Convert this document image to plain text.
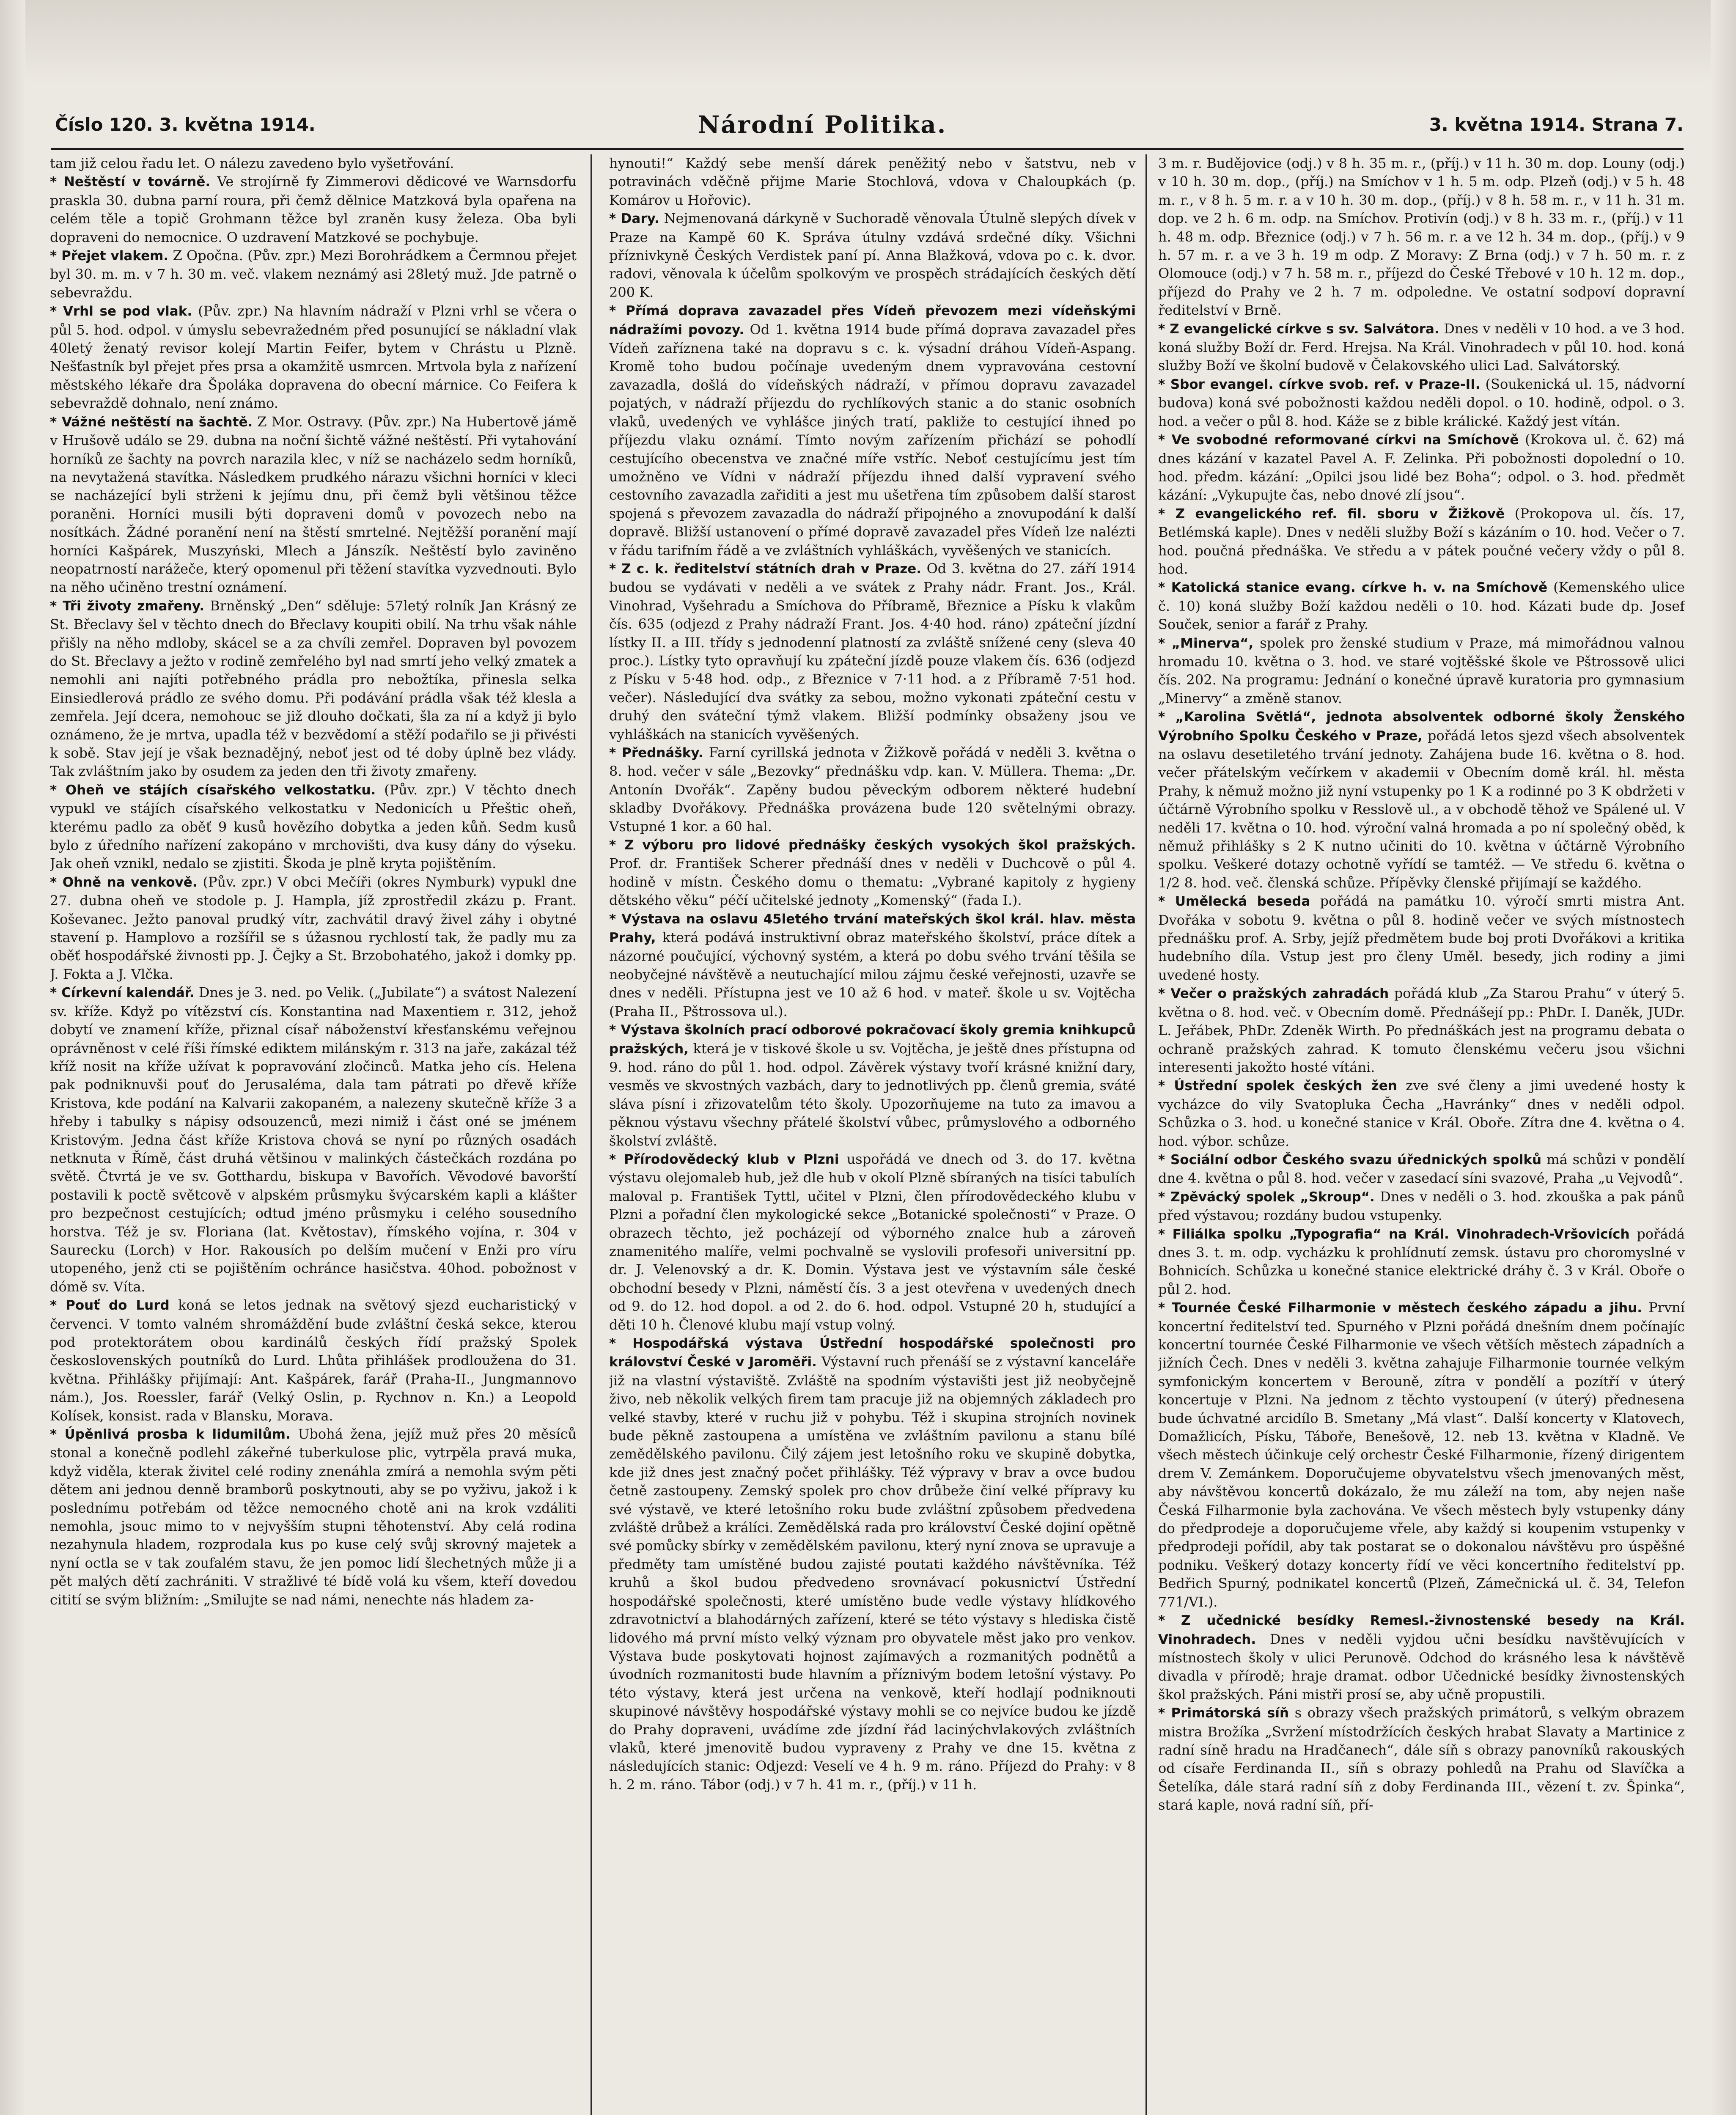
Číslo 120. 3. května 1914.	Národní Politika.	3. května 1914. Strana 7.

tam již celou řadu let. O nálezu zavedeno bylo vyšetřování.

* Neštěstí v továrně. Ve strojírně fy Zimmerovi dědicové ve Warnsdorfu praskla 30. dubna parní roura, při čemž dělnice Matzková byla opařena na celém těle a topič Grohmann těžce byl zraněn kusy železa. Oba byli dopraveni do nemocnice. O uzdravení Matzkové se pochybuje.

* Přejet vlakem. Z Opočna. (Pův. zpr.) Mezi Borohrádkem a Čermnou přejet byl 30. m. m. v 7 h. 30 m. več. vlakem neznámý asi 28letý muž. Jde patrně o sebevraždu.

* Vrhl se pod vlak. (Pův. zpr.) Na hlavním nádraží v Plzni vrhl se včera o půl 5. hod. odpol. v úmyslu sebevražedném před posunující se nákladní vlak 40letý ženatý revisor kolejí Martin Feifer, bytem v Chrástu u Plzně. Nešťastník byl přejet přes prsa a okamžitě usmrcen. Mrtvola byla z nařízení městského lékaře dra Špoláka dopravena do obecní márnice. Co Feifera k sebevraždě dohnalo, není známo.

* Vážné neštěstí na šachtě. Z Mor. Ostravy. (Pův. zpr.) Na Hubertově jámě v Hrušově událo se 29. dubna na noční šichtě vážné neštěstí. Při vytahování horníků ze šachty na povrch narazila klec, v níž se nacházelo sedm horníků, na nevytažená stavítka. Následkem prudkého nárazu všichni horníci v kleci se nacházející byli strženi k jejímu dnu, při čemž byli většinou těžce poraněni. Horníci musili býti dopraveni domů v povozech nebo na nosítkách. Žádné poranění není na štěstí smrtelné. Nejtěžší poranění mají horníci Kašpárek, Muszyński, Mlech a Jánszík. Neštěstí bylo zaviněno neopatrností narážeče, který opomenul při těžení stavítka vyzvednouti. Bylo na něho učiněno trestní oznámení.

* Tři životy zmařeny. Brněnský „Den“ sděluje: 57letý rolník Jan Krásný ze St. Břeclavy šel v těchto dnech do Břeclavy koupiti obilí. Na trhu však náhle přišly na něho mdloby, skácel se a za chvíli zemřel. Dopraven byl povozem do St. Břeclavy a ježto v rodině zemřelého byl nad smrtí jeho velký zmatek a nemohli ani najíti potřebného prádla pro nebožtíka, přinesla selka Einsiedlerová prádlo ze svého domu. Při podávání prádla však též klesla a zemřela. Její dcera, nemohouc se již dlouho dočkati, šla za ní a když ji bylo oznámeno, že je mrtva, upadla též v bezvědomí a stěží podařilo se ji přivésti k sobě. Stav její je však beznadějný, neboť jest od té doby úplně bez vlády. Tak zvláštním jako by osudem za jeden den tři životy zmařeny.

* Oheň ve stájích císařského velkostatku. (Pův. zpr.) V těchto dnech vypukl ve stájích císařského velkostatku v Nedonicích u Přeštic oheň, kterému padlo za oběť 9 kusů hovězího dobytka a jeden kůň. Sedm kusů bylo z úředního nařízení zakopáno v mrchovišti, dva kusy dány do výseku. Jak oheň vznikl, nedalo se zjistiti. Škoda je plně kryta pojištěním.

* Ohně na venkově. (Pův. zpr.) V obci Mečíři (okres Nymburk) vypukl dne 27. dubna oheň ve stodole p. J. Hampla, jíž zprostředil zkázu p. Frant. Koševanec. Ježto panoval prudký vítr, zachvátil dravý živel záhy i obytné stavení p. Hamplovo a rozšířil se s úžasnou rychlostí tak, že padly mu za oběť hospodářské živnosti pp. J. Čejky a St. Brzobohatého, jakož i domky pp. J. Fokta a J. Vlčka.

* Církevní kalendář. Dnes je 3. ned. po Velik. („Jubilate“) a svátost Nalezení sv. kříže. Když po vítězství cís. Konstantina nad Maxentiem r. 312, jehož dobytí ve znamení kříže, přiznal císař náboženství křesťanskému veřejnou oprávněnost v celé říši římské ediktem milánským r. 313 na jaře, zakázal též kříž nosit na kříže užívat k popravování zločinců. Matka jeho cís. Helena pak podniknuvši pouť do Jerusaléma, dala tam pátrati po dřevě kříže Kristova, kde podání na Kalvarii zakopaném, a nalezeny skutečně kříže 3 a hřeby i tabulky s nápisy odsouzenců, mezi nimiž i část oné se jménem Kristovým. Jedna část kříže Kristova chová se nyní po různých osadách netknuta v Římě, část druhá většinou v malinkých částečkách rozdána po světě. Čtvrtá je ve sv. Gotthardu, biskupa v Bavořích. Věvodové bavorští postavili k poctě světcově v alpském průsmyku švýcarském kapli a klášter pro bezpečnost cestujících; odtud jméno průsmyku i celého sousedního horstva. Též je sv. Floriana (lat. Květostav), římského vojína, r. 304 v Saurecku (Lorch) v Hor. Rakousích po delším mučení v Enži pro víru utopeného, jenž cti se pojištěním ochránce hasičstva. 40hod. pobožnost v dómě sv. Víta.

* Pouť do Lurd koná se letos jednak na světový sjezd eucharistický v červenci. V tomto valném shromáždění bude zvláštní česká sekce, kterou pod protektorátem obou kardinálů českých řídí pražský Spolek československých poutníků do Lurd. Lhůta přihlášek prodloužena do 31. května. Přihlášky přijímají: Ant. Kašpárek, farář (Praha-II., Jungmannovo nám.), Jos. Roessler, farář (Velký Oslin, p. Rychnov n. Kn.) a Leopold Kolísek, konsist. rada v Blansku, Morava.

* Úpěnlivá prosba k lidumilům. Ubohá žena, jejíž muž přes 20 měsíců stonal a konečně podlehl zákeřné tuberkulose plic, vytrpěla pravá muka, když viděla, kterak živitel celé rodiny znenáhla zmírá a nemohla svým pěti dětem ani jednou denně bramborů poskytnouti, aby se po vyživu, jakož i k poslednímu potřebám od těžce nemocného chotě ani na krok vzdáliti nemohla, jsouc mimo to v nejvyšším stupni těhotenství. Aby celá rodina nezahynula hladem, rozprodala kus po kuse celý svůj skrovný majetek a nyní octla se v tak zoufalém stavu, že jen pomoc lidí šlechetných může ji a pět malých dětí zachrániti. V stražlivé té bídě volá ku všem, kteří dovedou citití se svým bližním: „Smilujte se nad námi, nenechte nás hladem za-

hynouti!“ Každý sebe menší dárek peněžitý nebo v šatstvu, neb v potravinách vděčně přijme Marie Stochlová, vdova v Chaloupkách (p. Komárov u Hořovic).

* Dary. Nejmenovaná dárkyně v Suchoradě věnovala Útulně slepých dívek v Praze na Kampě 60 K. Správa útulny vzdává srdečné díky. Všichni příznivkyně Českých Verdistek paní pí. Anna Blažková, vdova po c. k. dvor. radovi, věnovala k účelům spolkovým ve prospěch strádajících českých dětí 200 K.

* Přímá doprava zavazadel přes Vídeň převozem mezi vídeňskými nádražími povozy. Od 1. května 1914 bude přímá doprava zavazadel přes Vídeň zaříznena také na dopravu s c. k. výsadní dráhou Vídeň-Aspang. Kromě toho budou počínaje uvedeným dnem vypravována cestovní zavazadla, došlá do vídeňských nádraží, v přímou dopravu zavazadel pojatých, v nádraží příjezdu do rychlíkových stanic a do stanic osobních vlaků, uvedených ve vyhlášce jiných tratí, pakliže to cestující ihned po příjezdu vlaku oznámí. Tímto novým zařízením přichází se pohodlí cestujícího obecenstva ve značné míře vstříc. Neboť cestujícímu jest tím umožněno ve Vídni v nádraží příjezdu ihned další vypravení svého cestovního zavazadla zařiditi a jest mu ušetřena tím způsobem další starost spojená s převozem zavazadla do nádraží připojného a znovupodání k další dopravě. Bližší ustanovení o přímé dopravě zavazadel přes Vídeň lze nalézti v řádu tarifním řádě a ve zvláštních vyhláškách, vyvěšených ve stanicích.

* Z c. k. ředitelství státních drah v Praze. Od 3. května do 27. září 1914 budou se vydávati v neděli a ve svátek z Prahy nádr. Frant. Jos., Král. Vinohrad, Vyšehradu a Smíchova do Příbramě, Březnice a Písku k vlakům čís. 635 (odjezd z Prahy nádraží Frant. Jos. 4·40 hod. ráno) zpáteční jízdní lístky II. a III. třídy s jednodenní platností za zvláště snížené ceny (sleva 40 proc.). Lístky tyto opravňují ku zpáteční jízdě pouze vlakem čís. 636 (odjezd z Písku v 5·48 hod. odp., z Březnice v 7·11 hod. a z Příbramě 7·51 hod. večer). Následující dva svátky za sebou, možno vykonati zpáteční cestu v druhý den sváteční týmž vlakem. Bližší podmínky obsaženy jsou ve vyhláškách na stanicích vyvěšených.

* Přednášky. Farní cyrillská jednota v Žižkově pořádá v neděli 3. května o 8. hod. večer v sále „Bezovky“ přednášku vdp. kan. V. Müllera. Thema: „Dr. Antonín Dvořák“. Zapěny budou pěveckým odborem některé hudební skladby Dvořákovy. Přednáška provázena bude 120 světelnými obrazy. Vstupné 1 kor. a 60 hal.

* Z výboru pro lidové přednášky českých vysokých škol pražských. Prof. dr. František Scherer přednáší dnes v neděli v Duchcově o půl 4. hodině v místn. Českého domu o thematu: „Vybrané kapitoly z hygieny dětského věku“ péčí učitelské jednoty „Komenský“ (řada I.).

* Výstava na oslavu 45letého trvání mateřských škol král. hlav. města Prahy, která podává instruktivní obraz mateřského školství, práce dítek a názorné poučující, výchovný systém, a která po dobu svého trvání těšila se neobyčejné návštěvě a neutuchající milou zájmu české veřejnosti, uzavře se dnes v neděli. Přístupna jest ve 10 až 6 hod. v mateř. škole u sv. Vojtěcha (Praha II., Pštrossova ul.).

* Výstava školních prací odborové pokračovací školy gremia knihkupců pražských, která je v tiskové škole u sv. Vojtěcha, je ještě dnes přístupna od 9. hod. ráno do půl 1. hod. odpol. Závěrek výstavy tvoří krásné knižní dary, vesměs ve skvostných vazbách, dary to jednotlivých pp. členů gremia, sváté sláva písní i zřizovatelům této školy. Upozorňujeme na tuto za imavou a pěknou výstavu všechny přátelé školství vůbec, průmyslového a odborného školství zvláště.

* Přírodovědecký klub v Plzni uspořádá ve dnech od 3. do 17. května výstavu olejomaleb hub, jež dle hub v okolí Plzně sbíraných na tisíci tabulích maloval p. František Tyttl, učitel v Plzni, člen přírodovědeckého klubu v Plzni a pořadní člen mykologické sekce „Botanické společnosti“ v Praze. O obrazech těchto, jež pocházejí od výborného znalce hub a zároveň znamenitého malíře, velmi pochvalně se vyslovili profesoři universitní pp. dr. J. Velenovský a dr. K. Domin. Výstava jest ve výstavním sále české obchodní besedy v Plzni, náměstí čís. 3 a jest otevřena v uvedených dnech od 9. do 12. hod dopol. a od 2. do 6. hod. odpol. Vstupné 20 h, studující a děti 10 h. Členové klubu mají vstup volný.

* Hospodářská výstava Ústřední hospodářské společnosti pro království České v Jaroměři. Výstavní ruch přenáší se z výstavní kanceláře již na vlastní výstaviště. Zvláště na spodním výstavišti jest již neobyčejně živo, neb několik velkých firem tam pracuje již na objemných základech pro velké stavby, které v ruchu již v pohybu. Též i skupina strojních novinek bude pěkně zastoupena a umístěna ve zvláštním pavilonu a stanu bílé zemědělského pavilonu. Čilý zájem jest letošního roku ve skupině dobytka, kde již dnes jest značný počet přihlášky. Též výpravy v brav a ovce budou četně zastoupeny. Zemský spolek pro chov drůbeže činí velké přípravy ku své výstavě, ve které letošního roku bude zvláštní způsobem předvedena zvláště drůbež a králíci. Zemědělská rada pro království České dojiní opětně své pomůcky sbírky v zemědělském pavilonu, který nyní znova se upravuje a předměty tam umístěné budou zajisté poutati každého návštěvníka. Též kruhů a škol budou předvedeno srovnávací pokusnictví Ústřední hospodářské společnosti, které umístěno bude vedle výstavy hlídkového zdravotnictví a blahodárných zařízení, které se této výstavy s hlediska čistě lidového má první místo velký význam pro obyvatele měst jako pro venkov. Výstava bude poskytovati hojnost zajímavých a rozmanitých podnětů a úvodních rozmanitosti bude hlavním a příznivým bodem letošní výstavy. Po této výstavy, která jest určena na venkově, kteří hodlají podniknouti skupinové návštěvy hospodářské výstavy mohli se co nejvíce budou ke jízdě do Prahy dopraveni, uvádíme zde jízdní řád lacinýchvlakových zvláštních vlaků, které jmenovitě budou vypraveny z Prahy ve dne 15. května z následujících stanic: Odjezd: Veselí ve 4 h. 9 m. ráno. Příjezd do Prahy: v 8 h. 2 m. ráno. Tábor (odj.) v 7 h. 41 m. r., (příj.) v 11 h.

3 m. r. Budějovice (odj.) v 8 h. 35 m. r., (příj.) v 11 h. 30 m. dop. Louny (odj.) v 10 h. 30 m. dop., (příj.) na Smíchov v 1 h. 5 m. odp. Plzeň (odj.) v 5 h. 48 m. r., v 8 h. 5 m. r. a v 10 h. 30 m. dop., (příj.) v 8 h. 58 m. r., v 11 h. 31 m. dop. ve 2 h. 6 m. odp. na Smíchov. Protivín (odj.) v 8 h. 33 m. r., (příj.) v 11 h. 48 m. odp. Březnice (odj.) v 7 h. 56 m. r. a ve 12 h. 34 m. dop., (příj.) v 9 h. 57 m. r. a ve 3 h. 19 m odp. Z Moravy: Z Brna (odj.) v 7 h. 50 m. r. z Olomouce (odj.) v 7 h. 58 m. r., příjezd do České Třebové v 10 h. 12 m. dop., příjezd do Prahy ve 2 h. 7 m. odpoledne. Ve ostatní sodpoví dopravní ředitelství v Brně.

* Z evangelické církve s sv. Salvátora. Dnes v neděli v 10 hod. a ve 3 hod. koná služby Boží dr. Ferd. Hrejsa. Na Král. Vinohradech v půl 10. hod. koná služby Boží ve školní budově v Čelakovského ulici Lad. Salvátorský.

* Sbor evangel. církve svob. ref. v Praze-II. (Soukenická ul. 15, nádvorní budova) koná své pobožnosti každou neděli dopol. o 10. hodině, odpol. o 3. hod. a večer o půl 8. hod. Káže se z bible králické. Každý jest vítán.

* Ve svobodné reformované církvi na Smíchově (Krokova ul. č. 62) má dnes kázání v kazatel Pavel A. F. Zelinka. Při pobožnosti dopolední o 10. hod. předm. kázání: „Opilci jsou lidé bez Boha“; odpol. o 3. hod. předmět kázání: „Vykupujte čas, nebo dnové zlí jsou“.

* Z evangelického ref. fil. sboru v Žižkově (Prokopova ul. čís. 17, Betlémská kaple). Dnes v neděli služby Boží s kázáním o 10. hod. Večer o 7. hod. poučná přednáška. Ve středu a v pátek poučné večery vždy o půl 8. hod.

* Katolická stanice evang. církve h. v. na Smíchově (Kemenského ulice č. 10) koná služby Boží každou neděli o 10. hod. Kázati bude dp. Josef Souček, senior a farář z Prahy.

* „Minerva“, spolek pro ženské studium v Praze, má mimořádnou valnou hromadu 10. května o 3. hod. ve staré vojtěšské škole ve Pštrossově ulici čís. 202. Na programu: Jednání o konečné úpravě kuratoria pro gymnasium „Minervy“ a změně stanov.

* „Karolina Světlá“, jednota absolventek odborné školy Ženského Výrobního Spolku Českého v Praze, pořádá letos sjezd všech absolventek na oslavu desetiletého trvání jednoty. Zahájena bude 16. května o 8. hod. večer přátelským večírkem v akademii v Obecním domě král. hl. města Prahy, k němuž možno již nyní vstupenky po 1 K a rodinné po 3 K obdržeti v účtárně Výrobního spolku v Resslově ul., a v obchodě těhož ve Spálené ul. V neděli 17. května o 10. hod. výroční valná hromada a po ní společný oběd, k němuž přihlášky s 2 K nutno učiniti do 10. května v účtárně Výrobního spolku. Veškeré dotazy ochotně vyřídí se tamtéž. — Ve středu 6. května o 1/2 8. hod. več. členská schůze. Přípěvky členské přijímají se každého.

* Umělecká beseda pořádá na památku 10. výročí smrti mistra Ant. Dvořáka v sobotu 9. května o půl 8. hodině večer ve svých místnostech přednášku prof. A. Srby, jejíž předmětem bude boj proti Dvořákovi a kritika hudebního díla. Vstup jest pro členy Uměl. besedy, jich rodiny a jimi uvedené hosty.

* Večer o pražských zahradách pořádá klub „Za Starou Prahu“ v úterý 5. května o 8. hod. več. v Obecním domě. Přednášejí pp.: PhDr. I. Daněk, JUDr. L. Jeřábek, PhDr. Zdeněk Wirth. Po přednáškách jest na programu debata o ochraně pražských zahrad. K tomuto členskému večeru jsou všichni interesenti jakožto hosté vítáni.

* Ústřední spolek českých žen zve své členy a jimi uvedené hosty k vycházce do vily Svatopluka Čecha „Havránky“ dnes v neděli odpol. Schůzka o 3. hod. u konečné stanice v Král. Oboře. Zítra dne 4. května o 4. hod. výbor. schůze.

* Sociální odbor Českého svazu úřednických spolků má schůzi v pondělí dne 4. května o půl 8. hod. večer v zasedací síni svazové, Praha „u Vejvodů“.

* Zpěvácký spolek „Skroup“. Dnes v neděli o 3. hod. zkouška a pak pánů před výstavou; rozdány budou vstupenky.

* Filiálka spolku „Typografia“ na Král. Vinohradech-Vršovicích pořádá dnes 3. t. m. odp. vycházku k prohlídnutí zemsk. ústavu pro choromyslné v Bohnicích. Schůzka u konečné stanice elektrické dráhy č. 3 v Král. Oboře o půl 2. hod.

* Tournée České Filharmonie v městech českého západu a jihu. První koncertní ředitelství ted. Spurného v Plzni pořádá dnešním dnem počínajíc koncertní tournée České Filharmonie ve všech větších městech západních a jižních Čech. Dnes v neděli 3. května zahajuje Filharmonie tournée velkým symfonickým koncertem v Berouně, zítra v pondělí a pozítří v úterý koncertuje v Plzni. Na jednom z těchto vystoupení (v úterý) přednesena bude úchvatné arcidílo B. Smetany „Má vlast“. Další koncerty v Klatovech, Domažlicích, Písku, Táboře, Benešově, 12. neb 13. května v Kladně. Ve všech městech účinkuje celý orchestr České Filharmonie, řízený dirigentem drem V. Zemánkem. Doporučujeme obyvatelstvu všech jmenovaných měst, aby návštěvou koncertů dokázalo, že mu záleží na tom, aby nejen naše Česká Filharmonie byla zachována. Ve všech městech byly vstupenky dány do předprodeje a doporučujeme vřele, aby každý si koupenim vstupenky v předprodeji pořídil, aby tak postarat se o dokonalou návštěvu pro úspěšné podniku. Veškerý dotazy koncerty řídí ve věci koncertního ředitelství pp. Bedřich Spurný, podnikatel koncertů (Plzeň, Zámečnická ul. č. 34, Telefon 771/VI.).

* Z učednické besídky Remesl.-živnostenské besedy na Král. Vinohradech. Dnes v neděli vyjdou učni besídku navštěvujících v místnostech školy v ulici Perunově. Odchod do krásného lesa k návštěvě divadla v přírodě; hraje dramat. odbor Učednické besídky živnostenských škol pražských. Páni mistři prosí se, aby učně propustili.

* Primátorská síň s obrazy všech pražských primátorů, s velkým obrazem mistra Brožíka „Svržení místodržících českých hrabat Slavaty a Martinice z radní síně hradu na Hradčanech“, dále síň s obrazy panovníků rakouských od císaře Ferdinanda II., síň s obrazy pohledů na Prahu od Slavíčka a Šetelíka, dále stará radní síň z doby Ferdinanda III., vězení t. zv. Špinka“, stará kaple, nová radní síň, pří-
